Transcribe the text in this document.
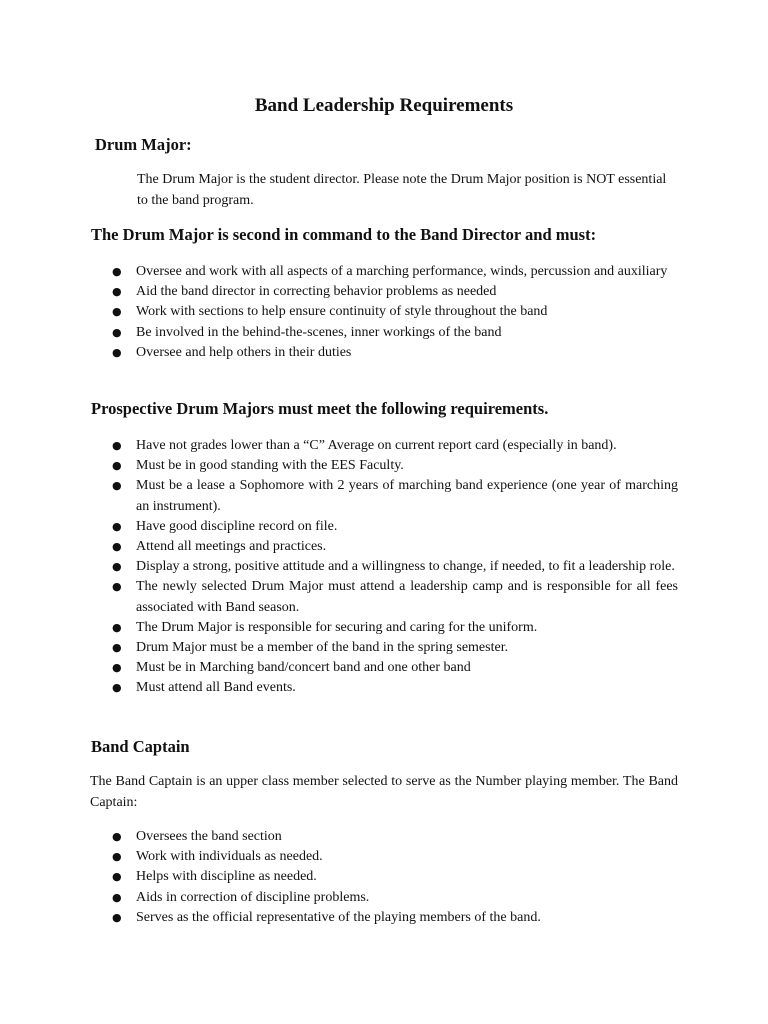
Band Leadership Requirements
Drum Major:
The Drum Major is the student director. Please note the Drum Major position is NOT essential to the band program.
The Drum Major is second in command to the Band Director and must:
● Oversee and work with all aspects of a marching performance, winds, percussion and auxiliary
● Aid the band director in correcting behavior problems as needed
● Work with sections to help ensure continuity of style throughout the band
● Be involved in the behind-the-scenes, inner workings of the band
● Oversee and help others in their duties
Prospective Drum Majors must meet the following requirements.
● Have not grades lower than a “C” Average on current report card (especially in band).
● Must be in good standing with the EES Faculty.
● Must be a lease a Sophomore with 2 years of marching band experience (one year of marching an instrument).
● Have good discipline record on file.
● Attend all meetings and practices.
● Display a strong, positive attitude and a willingness to change, if needed, to fit a leadership role.
● The newly selected Drum Major must attend a leadership camp and is responsible for all fees associated with Band season.
● The Drum Major is responsible for securing and caring for the uniform.
● Drum Major must be a member of the band in the spring semester.
● Must be in Marching band/concert band and one other band
● Must attend all Band events.
Band Captain
The Band Captain is an upper class member selected to serve as the Number playing member. The Band Captain:
● Oversees the band section
● Work with individuals as needed.
● Helps with discipline as needed.
● Aids in correction of discipline problems.
● Serves as the official representative of the playing members of the band.
